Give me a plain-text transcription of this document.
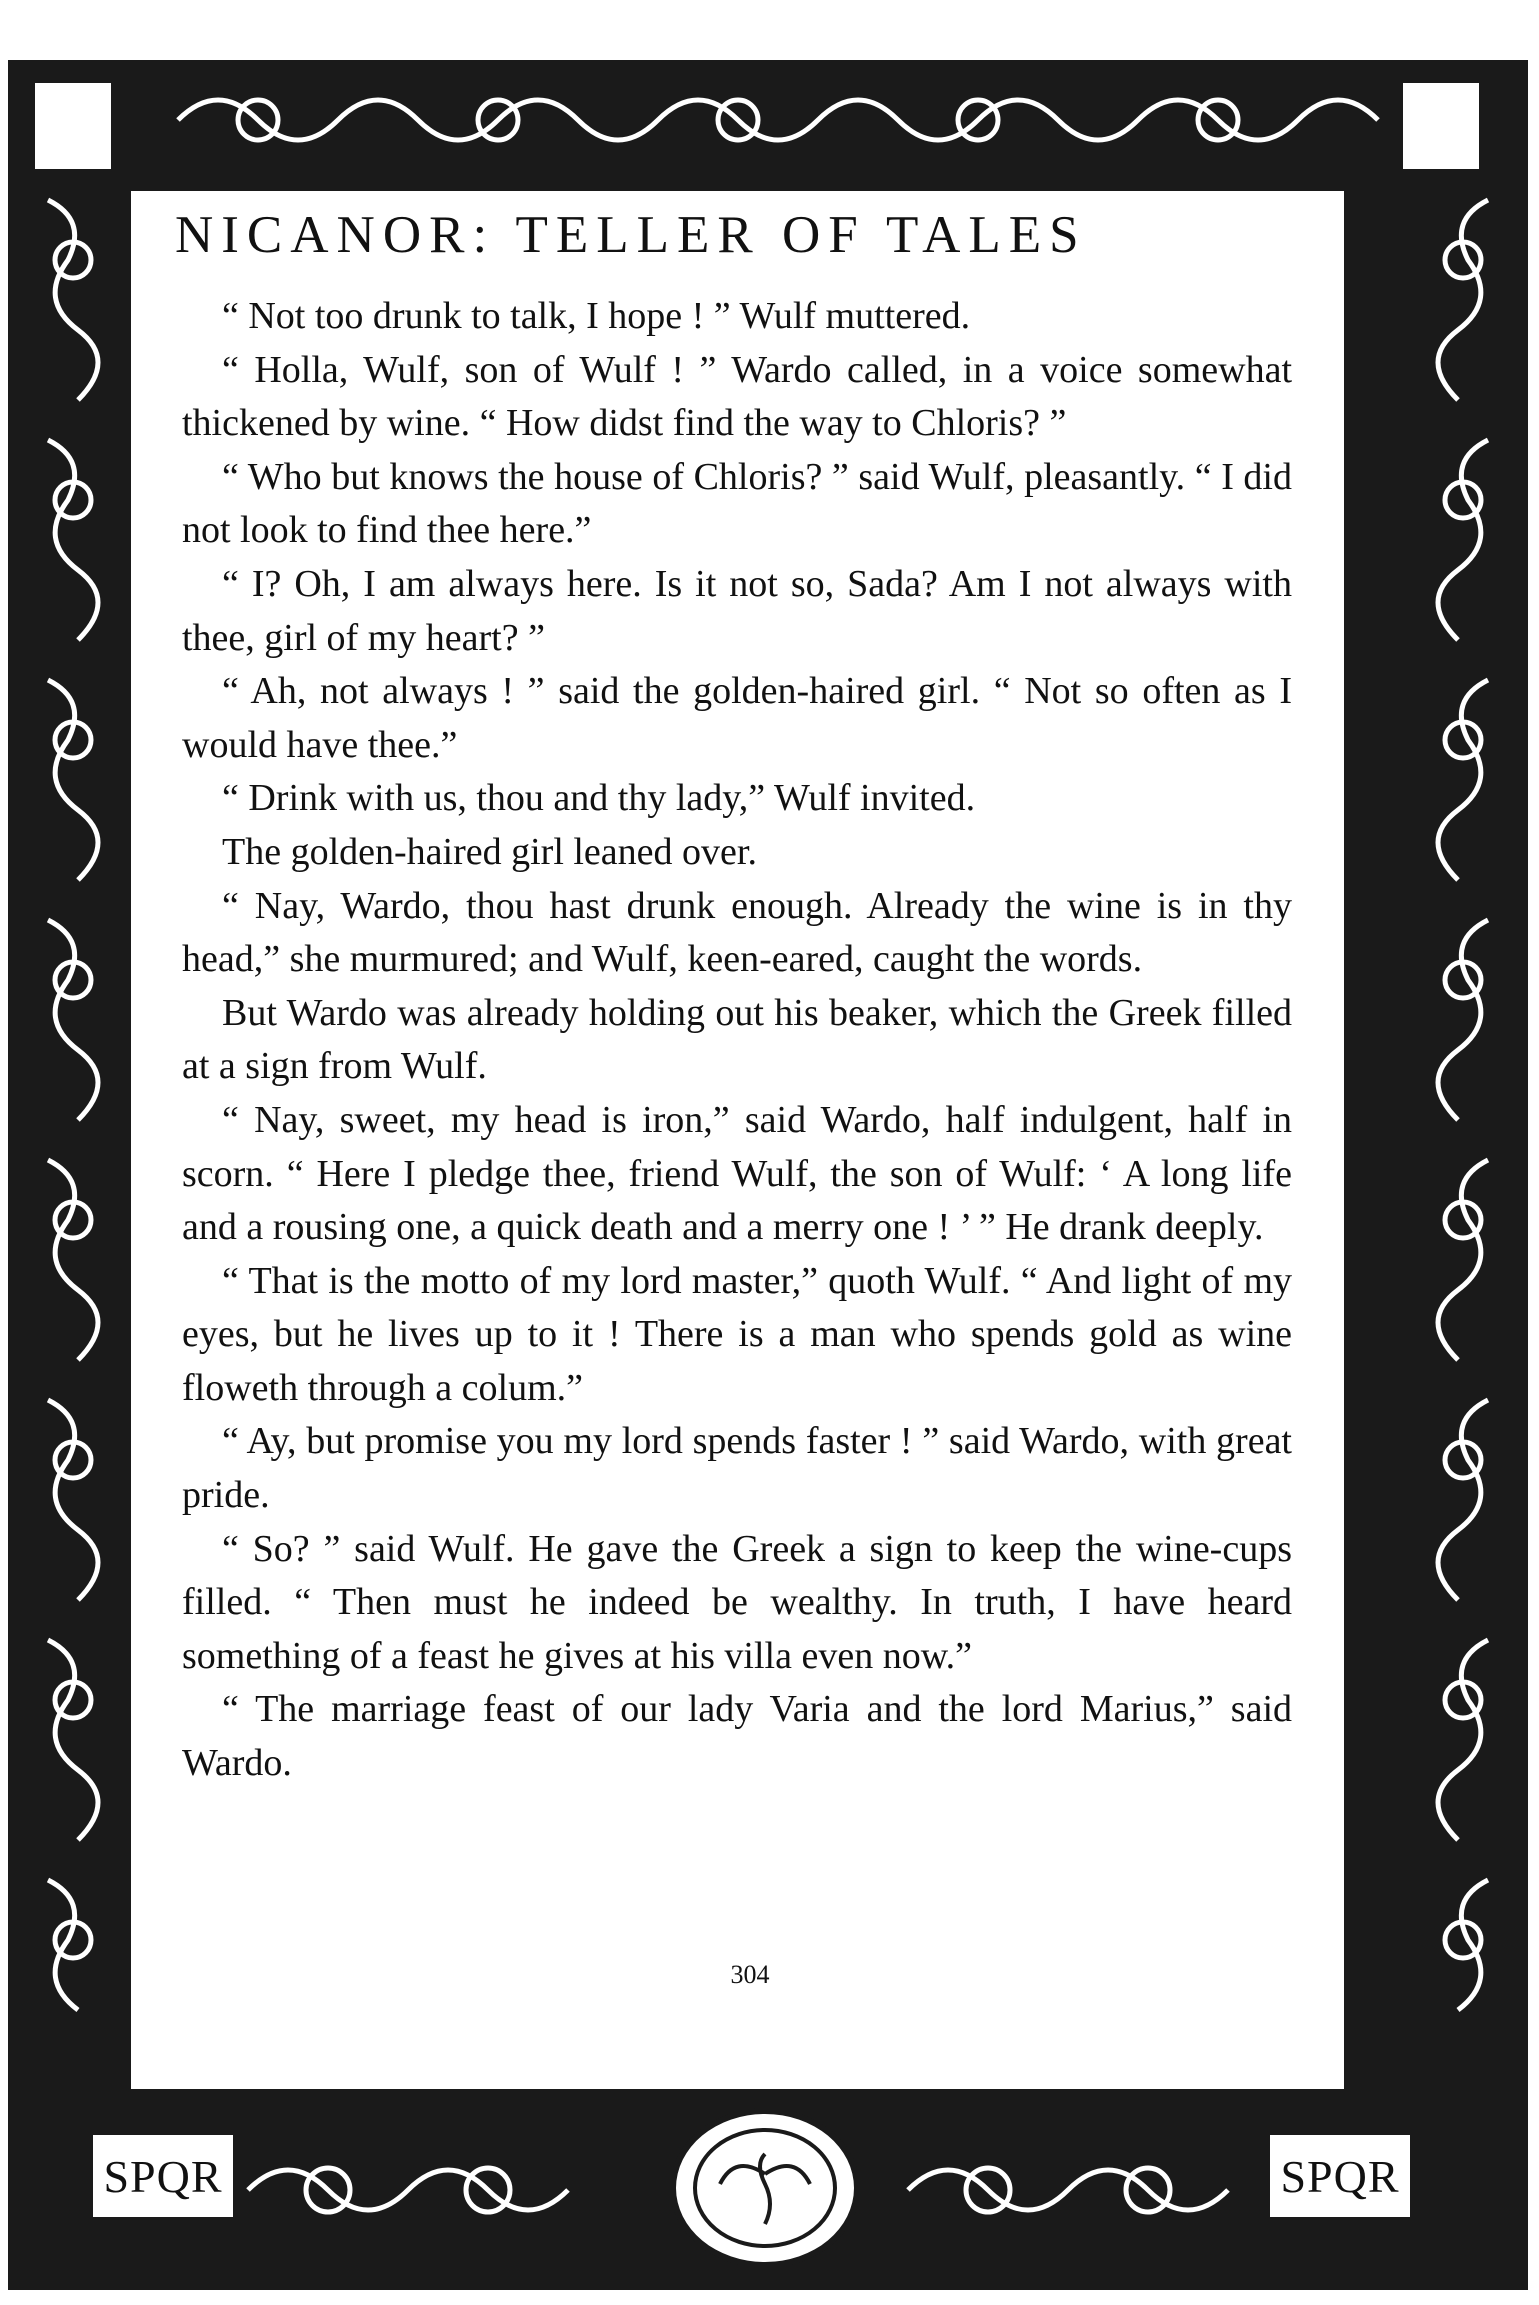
NICANOR: TELLER OF TALES

“ Not too drunk to talk, I hope ! ” Wulf muttered.

“ Holla, Wulf, son of Wulf ! ” Wardo called, in a voice somewhat thickened by wine. “ How didst find the way to Chloris? ”

“ Who but knows the house of Chloris? ” said Wulf, pleasantly. “ I did not look to find thee here.”

“ I? Oh, I am always here. Is it not so, Sada? Am I not always with thee, girl of my heart? ”

“ Ah, not always ! ” said the golden-haired girl. “ Not so often as I would have thee.”

“ Drink with us, thou and thy lady,” Wulf invited.

The golden-haired girl leaned over.

“ Nay, Wardo, thou hast drunk enough. Already the wine is in thy head,” she murmured; and Wulf, keen-eared, caught the words.

But Wardo was already holding out his beaker, which the Greek filled at a sign from Wulf.

“ Nay, sweet, my head is iron,” said Wardo, half indulgent, half in scorn. “ Here I pledge thee, friend Wulf, the son of Wulf: ‘ A long life and a rousing one, a quick death and a merry one ! ’ ” He drank deeply.

“ That is the motto of my lord master,” quoth Wulf. “ And light of my eyes, but he lives up to it ! There is a man who spends gold as wine floweth through a colum.”

“ Ay, but promise you my lord spends faster ! ” said Wardo, with great pride.

“ So? ” said Wulf. He gave the Greek a sign to keep the wine-cups filled. “ Then must he indeed be wealthy. In truth, I have heard something of a feast he gives at his villa even now.”

“ The marriage feast of our lady Varia and the lord Marius,” said Wardo.

304
SPQR	SPQR
